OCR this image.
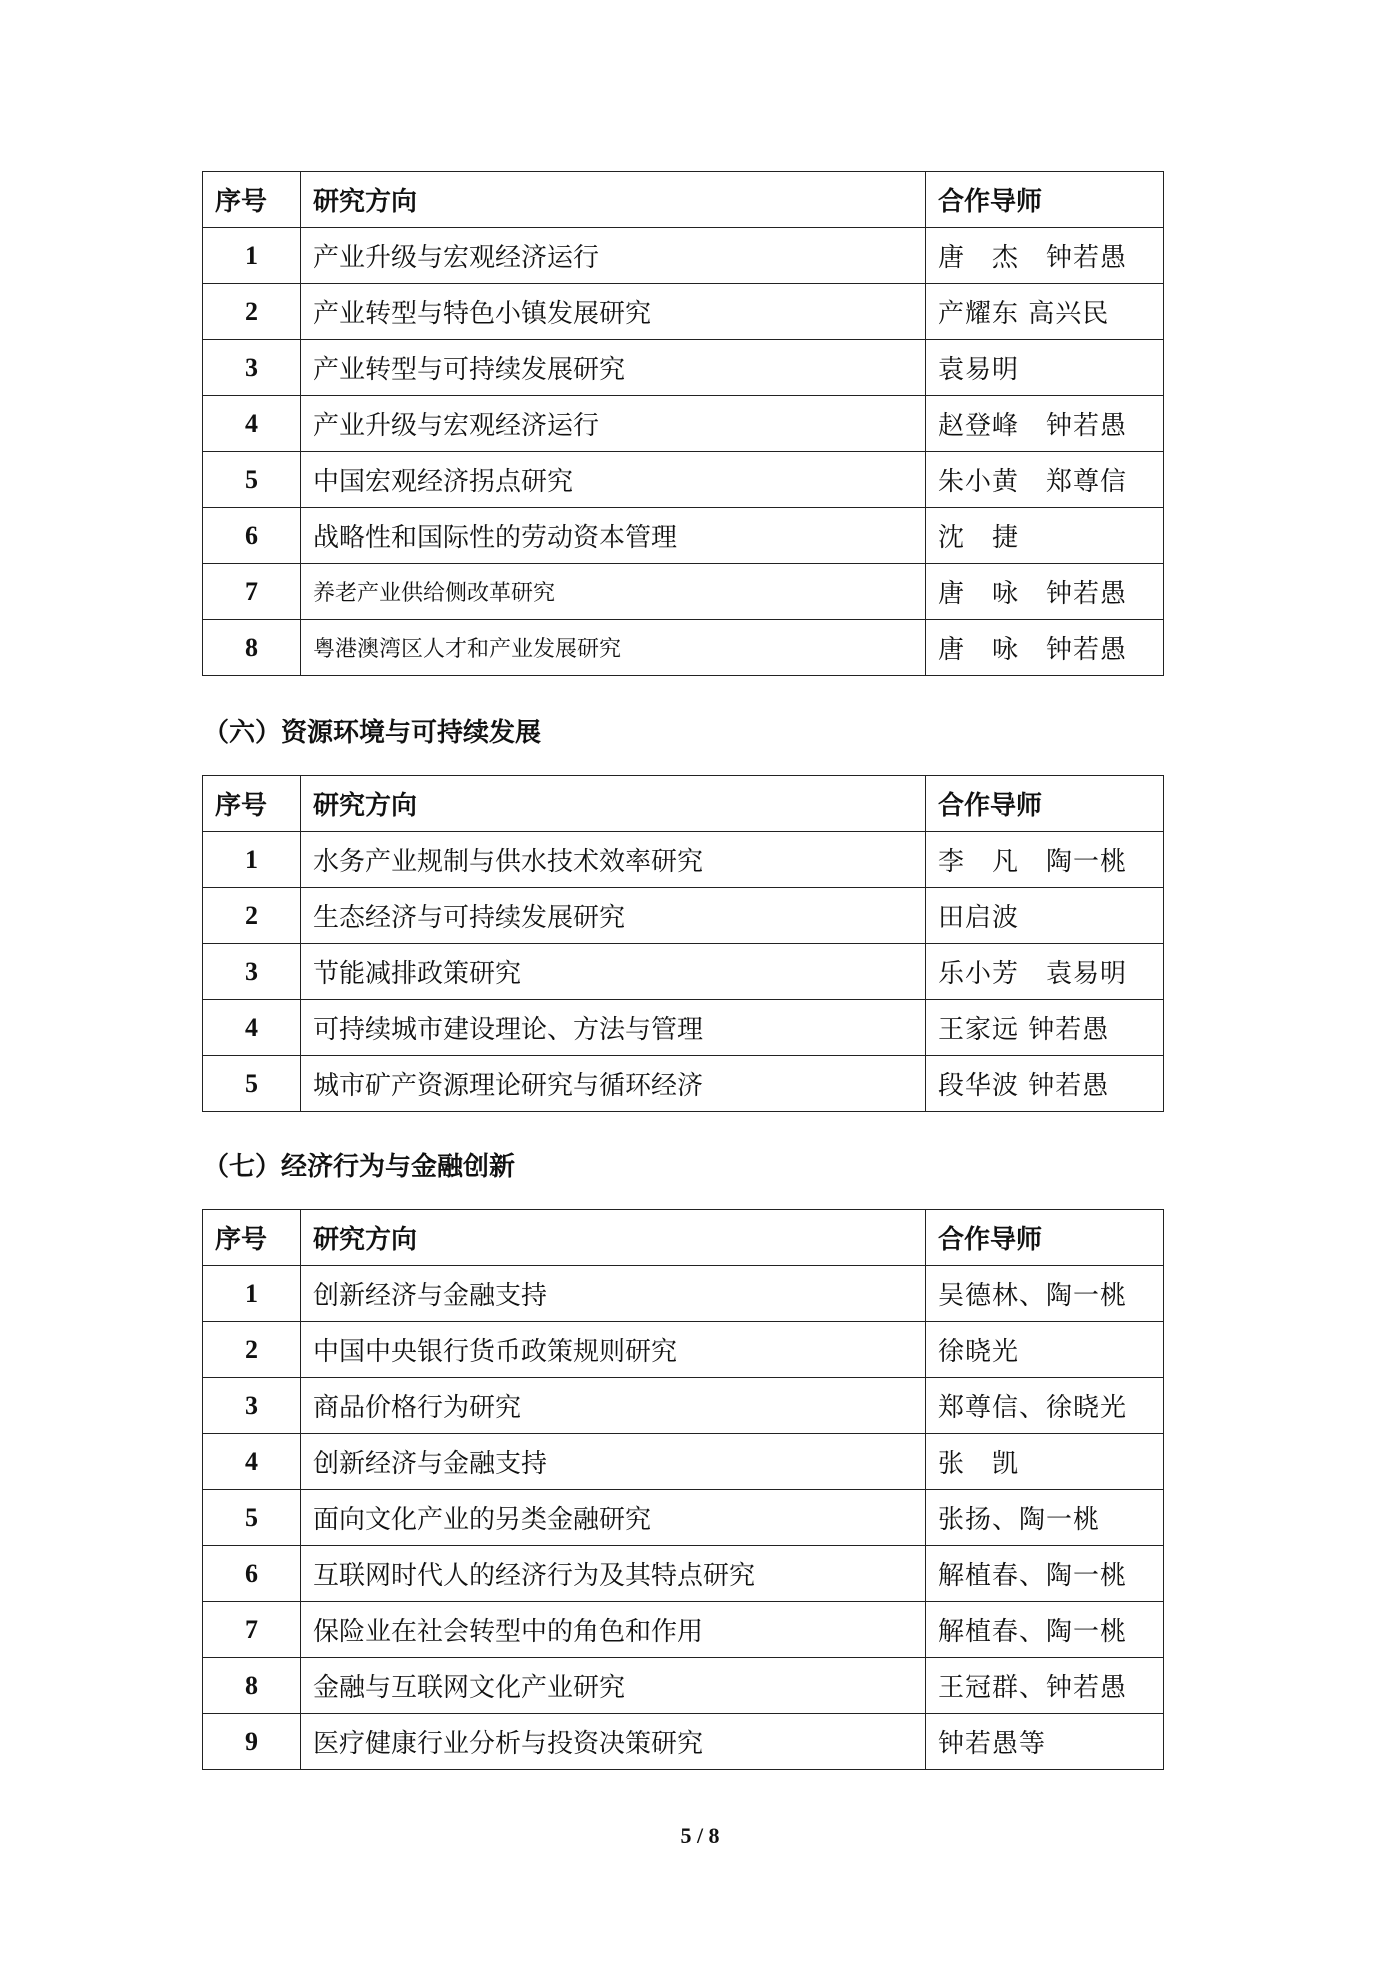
序号	研究方向	合作导师
1	产业升级与宏观经济运行	唐　杰　钟若愚
2	产业转型与特色小镇发展研究	产耀东 高兴民
3	产业转型与可持续发展研究	袁易明
4	产业升级与宏观经济运行	赵登峰　钟若愚
5	中国宏观经济拐点研究	朱小黄　郑尊信
6	战略性和国际性的劳动资本管理	沈　捷
7	养老产业供给侧改革研究	唐　咏　钟若愚
8	粤港澳湾区人才和产业发展研究	唐　咏　钟若愚
（六）资源环境与可持续发展
序号	研究方向	合作导师
1	水务产业规制与供水技术效率研究	李　凡　陶一桃
2	生态经济与可持续发展研究	田启波
3	节能减排政策研究	乐小芳　袁易明
4	可持续城市建设理论、方法与管理	王家远 钟若愚
5	城市矿产资源理论研究与循环经济	段华波 钟若愚
（七）经济行为与金融创新
序号	研究方向	合作导师
1	创新经济与金融支持	吴德林、陶一桃
2	中国中央银行货币政策规则研究	徐晓光
3	商品价格行为研究	郑尊信、徐晓光
4	创新经济与金融支持	张　凯
5	面向文化产业的另类金融研究	张扬、陶一桃
6	互联网时代人的经济行为及其特点研究	解植春、陶一桃
7	保险业在社会转型中的角色和作用	解植春、陶一桃
8	金融与互联网文化产业研究	王冠群、钟若愚
9	医疗健康行业分析与投资决策研究	钟若愚等
5 / 8
